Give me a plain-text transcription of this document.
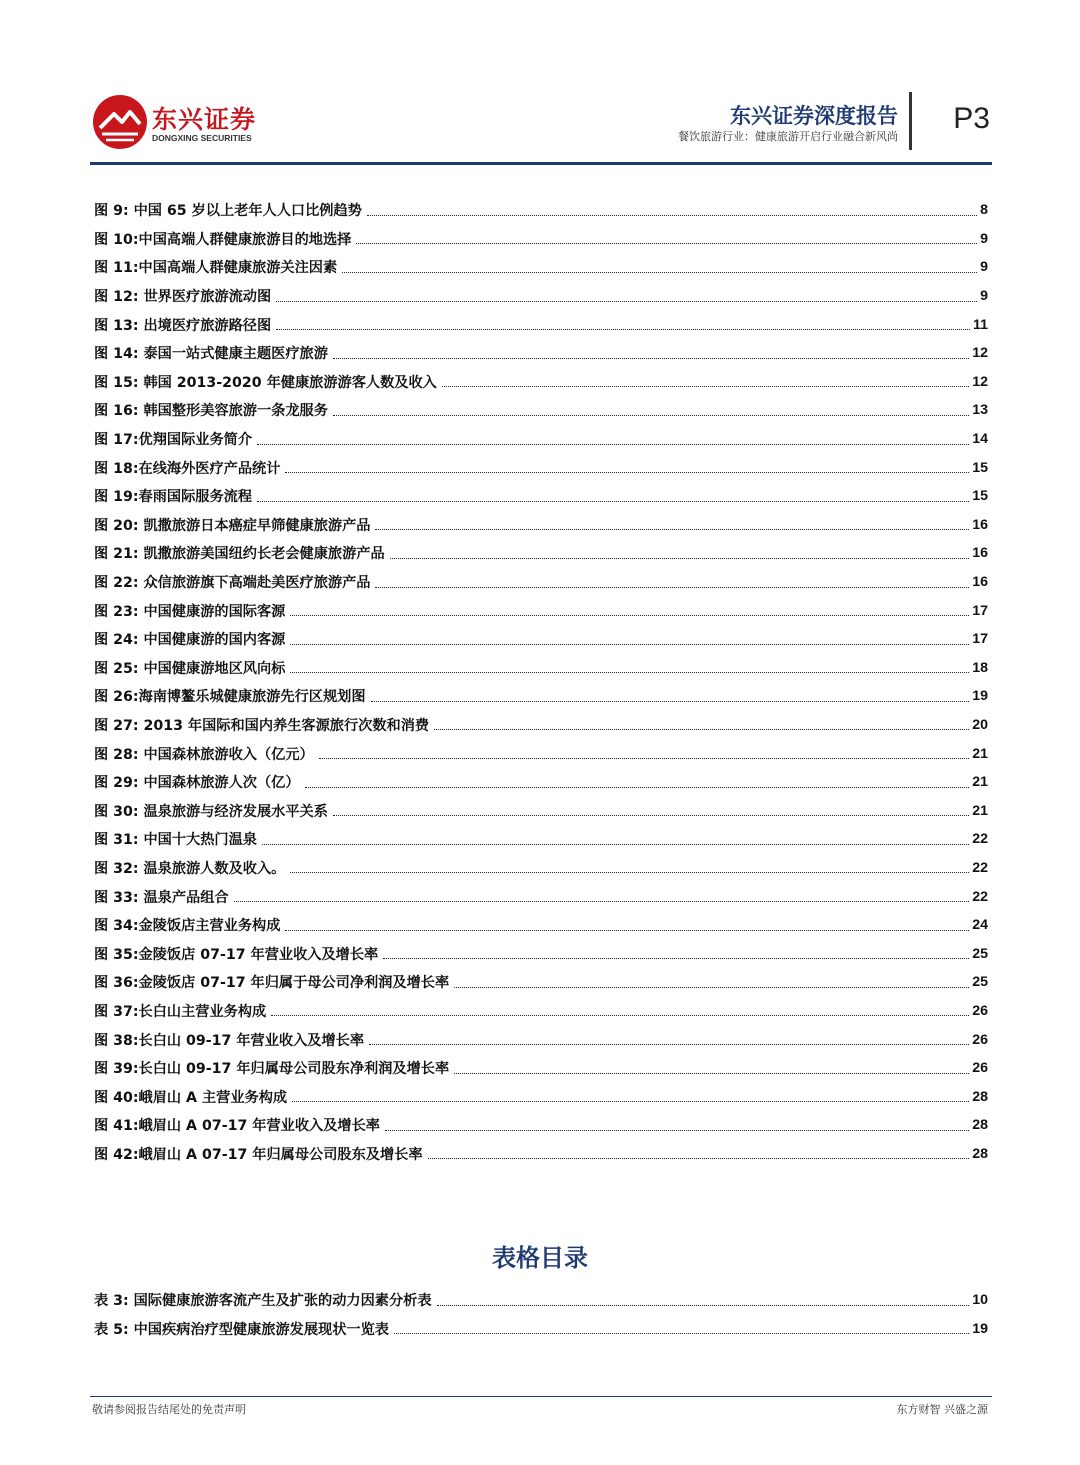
东兴证券
DONGXING SECURITIES
东兴证券深度报告
餐饮旅游行业：健康旅游开启行业融合新风尚
P3
图 9: 中国 65 岁以上老年人人口比例趋势	8
图 10:中国高端人群健康旅游目的地选择	9
图 11:中国高端人群健康旅游关注因素	9
图 12: 世界医疗旅游流动图	9
图 13: 出境医疗旅游路径图	11
图 14: 泰国一站式健康主题医疗旅游	12
图 15: 韩国 2013-2020 年健康旅游游客人数及收入	12
图 16: 韩国整形美容旅游一条龙服务	13
图 17:优翔国际业务简介	14
图 18:在线海外医疗产品统计	15
图 19:春雨国际服务流程	15
图 20: 凯撒旅游日本癌症早筛健康旅游产品	16
图 21: 凯撒旅游美国纽约长老会健康旅游产品	16
图 22: 众信旅游旗下高端赴美医疗旅游产品	16
图 23: 中国健康游的国际客源	17
图 24: 中国健康游的国内客源	17
图 25: 中国健康游地区风向标	18
图 26:海南博鳌乐城健康旅游先行区规划图	19
图 27: 2013 年国际和国内养生客源旅行次数和消费	20
图 28: 中国森林旅游收入（亿元）	21
图 29: 中国森林旅游人次（亿）	21
图 30: 温泉旅游与经济发展水平关系	21
图 31: 中国十大热门温泉	22
图 32: 温泉旅游人数及收入。	22
图 33: 温泉产品组合	22
图 34:金陵饭店主营业务构成	24
图 35:金陵饭店 07-17 年营业收入及增长率	25
图 36:金陵饭店 07-17 年归属于母公司净利润及增长率	25
图 37:长白山主营业务构成	26
图 38:长白山 09-17 年营业收入及增长率	26
图 39:长白山 09-17 年归属母公司股东净利润及增长率	26
图 40:峨眉山 A 主营业务构成	28
图 41:峨眉山 A 07-17 年营业收入及增长率	28
图 42:峨眉山 A 07-17 年归属母公司股东及增长率	28
表格目录
表 3: 国际健康旅游客流产生及扩张的动力因素分析表	10
表 5: 中国疾病治疗型健康旅游发展现状一览表	19
敬请参阅报告结尾处的免责声明	东方财智 兴盛之源
